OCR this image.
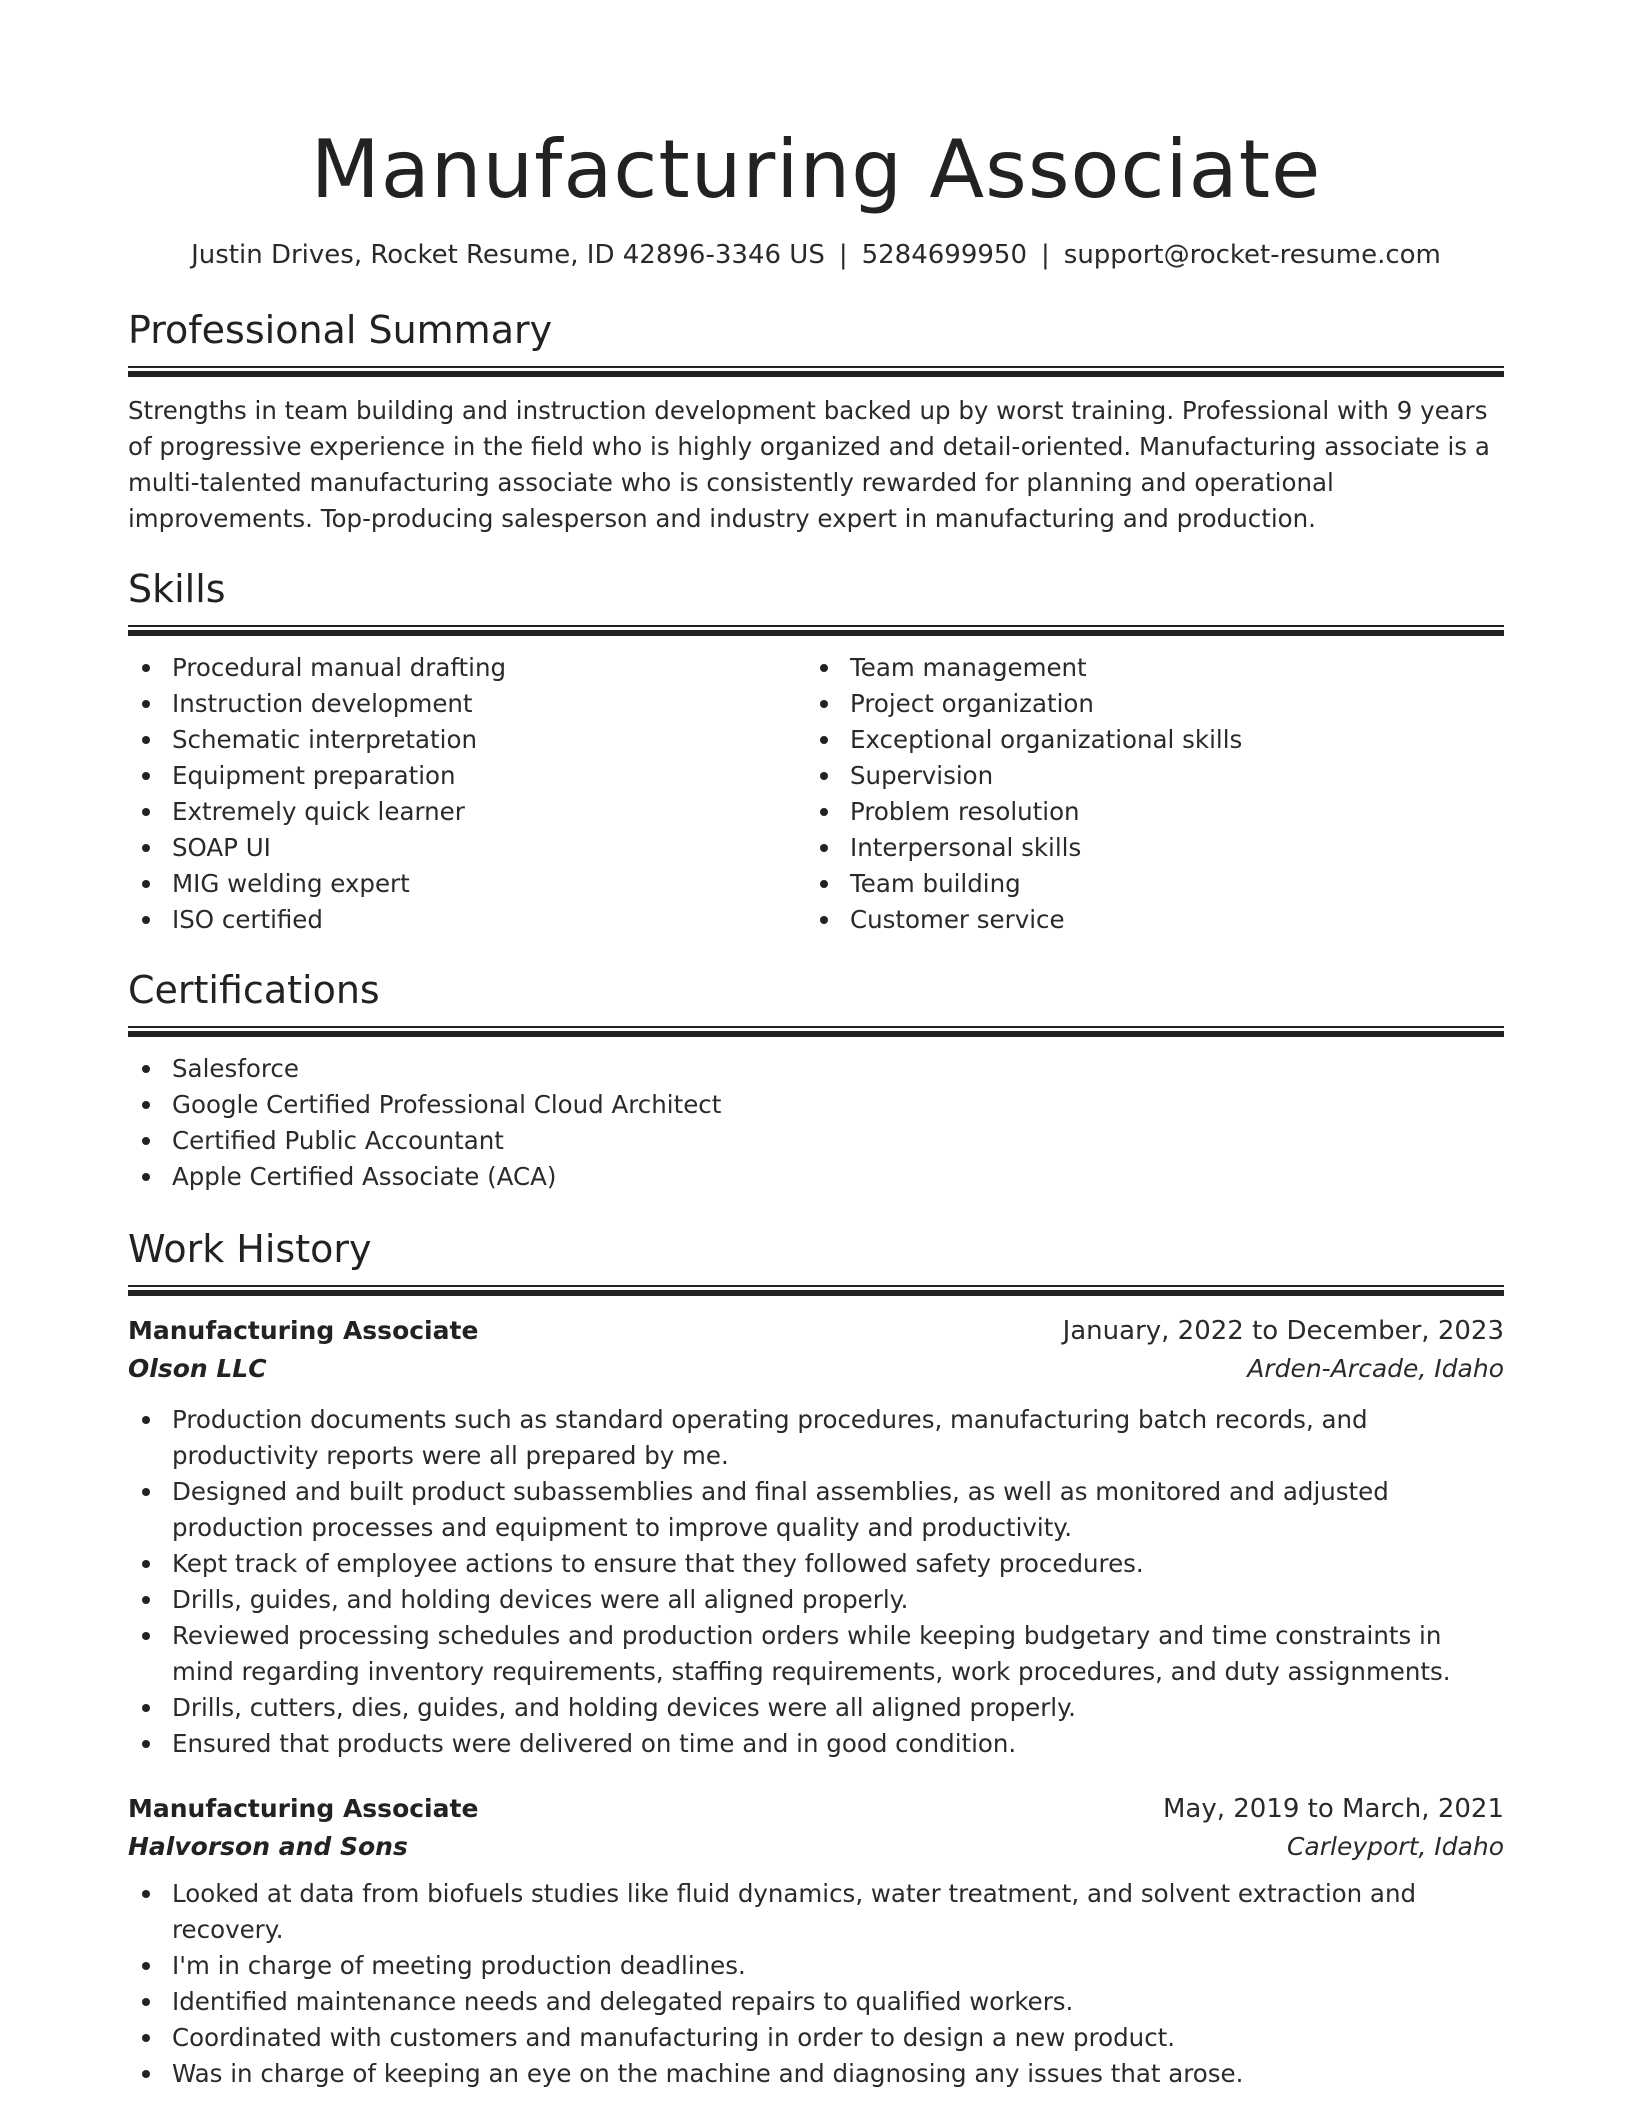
Manufacturing Associate
Justin Drives, Rocket Resume, ID 42896-3346 US | 5284699950 | support@rocket-resume.com
Professional Summary

Strengths in team building and instruction development backed up by worst training. Professional with 9 years of progressive experience in the field who is highly organized and detail-oriented. Manufacturing associate is a multi-talented manufacturing associate who is consistently rewarded for planning and operational improvements. Top-producing salesperson and industry expert in manufacturing and production.

Skills
Procedural manual drafting
Instruction development
Schematic interpretation
Equipment preparation
Extremely quick learner
SOAP UI
MIG welding expert
ISO certified
Team management
Project organization
Exceptional organizational skills
Supervision
Problem resolution
Interpersonal skills
Team building
Customer service
Certifications
Salesforce
Google Certified Professional Cloud Architect
Certified Public Accountant
Apple Certified Associate (ACA)
Work History
Manufacturing Associate	January, 2022 to December, 2023
Olson LLC	Arden-Arcade, Idaho
Production documents such as standard operating procedures, manufacturing batch records, and productivity reports were all prepared by me.
Designed and built product subassemblies and final assemblies, as well as monitored and adjusted production processes and equipment to improve quality and productivity.
Kept track of employee actions to ensure that they followed safety procedures.
Drills, guides, and holding devices were all aligned properly.
Reviewed processing schedules and production orders while keeping budgetary and time constraints in mind regarding inventory requirements, staffing requirements, work procedures, and duty assignments.
Drills, cutters, dies, guides, and holding devices were all aligned properly.
Ensured that products were delivered on time and in good condition.
Manufacturing Associate	May, 2019 to March, 2021
Halvorson and Sons	Carleyport, Idaho
Looked at data from biofuels studies like fluid dynamics, water treatment, and solvent extraction and recovery.
I'm in charge of meeting production deadlines.
Identified maintenance needs and delegated repairs to qualified workers.
Coordinated with customers and manufacturing in order to design a new product.
Was in charge of keeping an eye on the machine and diagnosing any issues that arose.
